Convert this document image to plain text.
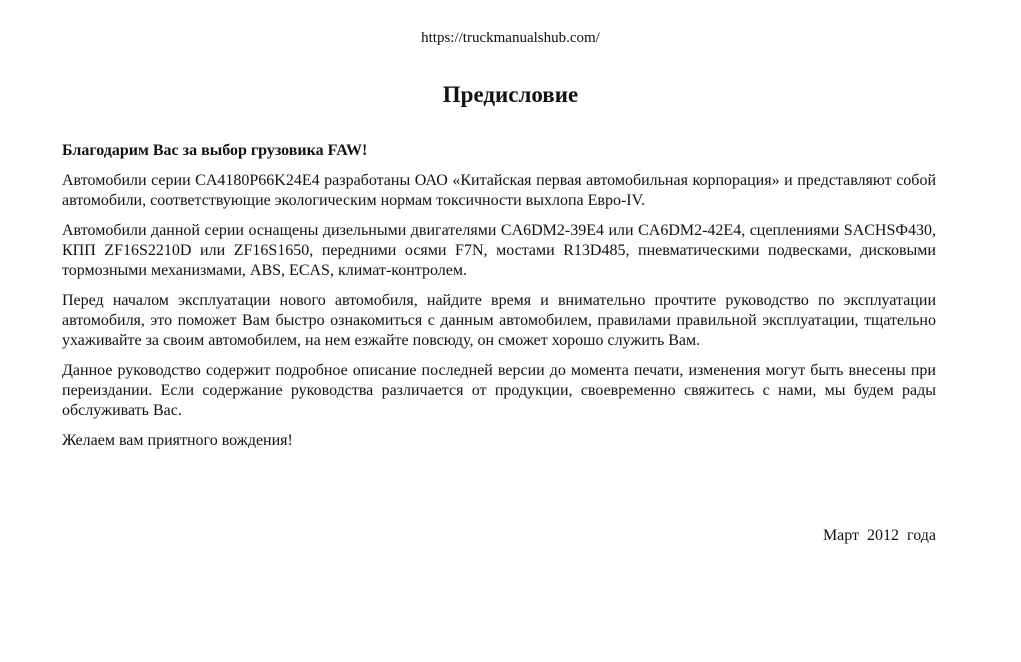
https://truckmanualshub.com/
Предисловие

Благодарим Вас за выбор грузовика FAW!

Автомобили серии CA4180P66K24E4 разработаны ОАО «Китайская первая автомобильная корпорация» и представляют собой автомобили, соответствующие экологическим нормам токсичности выхлопа Евро-IV.

Автомобили данной серии оснащены дизельными двигателями CA6DM2-39E4 или CA6DM2-42E4, сцеплениями SACHSФ430, КПП ZF16S2210D или ZF16S1650, передними осями F7N, мостами R13D485, пневматическими подвесками, дисковыми тормозными механизмами, ABS, ECAS, климат-контролем.

Перед началом эксплуатации нового автомобиля, найдите время и внимательно прочтите руководство по эксплуатации автомобиля, это поможет Вам быстро ознакомиться с данным автомобилем, правилами правильной эксплуатации, тщательно ухаживайте за своим автомобилем, на нем езжайте повсюду, он сможет хорошо служить Вам.

Данное руководство содержит подробное описание последней версии до момента печати, изменения могут быть внесены при переиздании. Если содержание руководства различается от продукции, своевременно свяжитесь с нами, мы будем рады обслуживать Вас.

Желаем вам приятного вождения!

Март  2012  года
